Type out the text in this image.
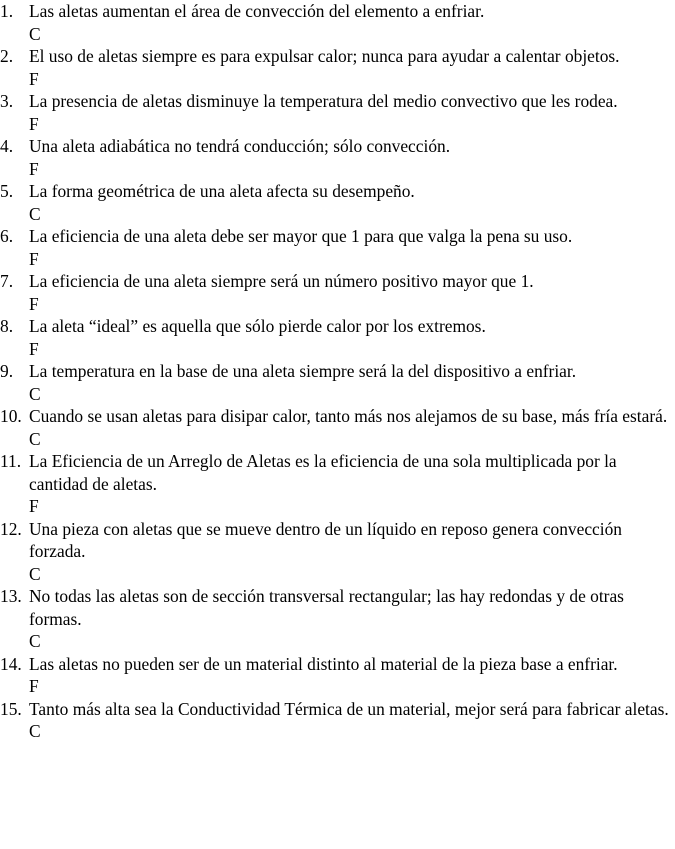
1. Las aletas aumentan el área de convección del elemento a enfriar.
C
2. El uso de aletas siempre es para expulsar calor; nunca para ayudar a calentar objetos.
F
3. La presencia de aletas disminuye la temperatura del medio convectivo que les rodea.
F
4. Una aleta adiabática no tendrá conducción; sólo convección.
F
5. La forma geométrica de una aleta afecta su desempeño.
C
6. La eficiencia de una aleta debe ser mayor que 1 para que valga la pena su uso.
F
7. La eficiencia de una aleta siempre será un número positivo mayor que 1.
F
8. La aleta “ideal” es aquella que sólo pierde calor por los extremos.
F
9. La temperatura en la base de una aleta siempre será la del dispositivo a enfriar.
C
10. Cuando se usan aletas para disipar calor, tanto más nos alejamos de su base, más fría estará.
C
11. La Eficiencia de un Arreglo de Aletas es la eficiencia de una sola multiplicada por la cantidad de aletas.
F
12. Una pieza con aletas que se mueve dentro de un líquido en reposo genera convección forzada.
C
13. No todas las aletas son de sección transversal rectangular; las hay redondas y de otras formas.
C
14. Las aletas no pueden ser de un material distinto al material de la pieza base a enfriar.
F
15. Tanto más alta sea la Conductividad Térmica de un material, mejor será para fabricar aletas.
C
